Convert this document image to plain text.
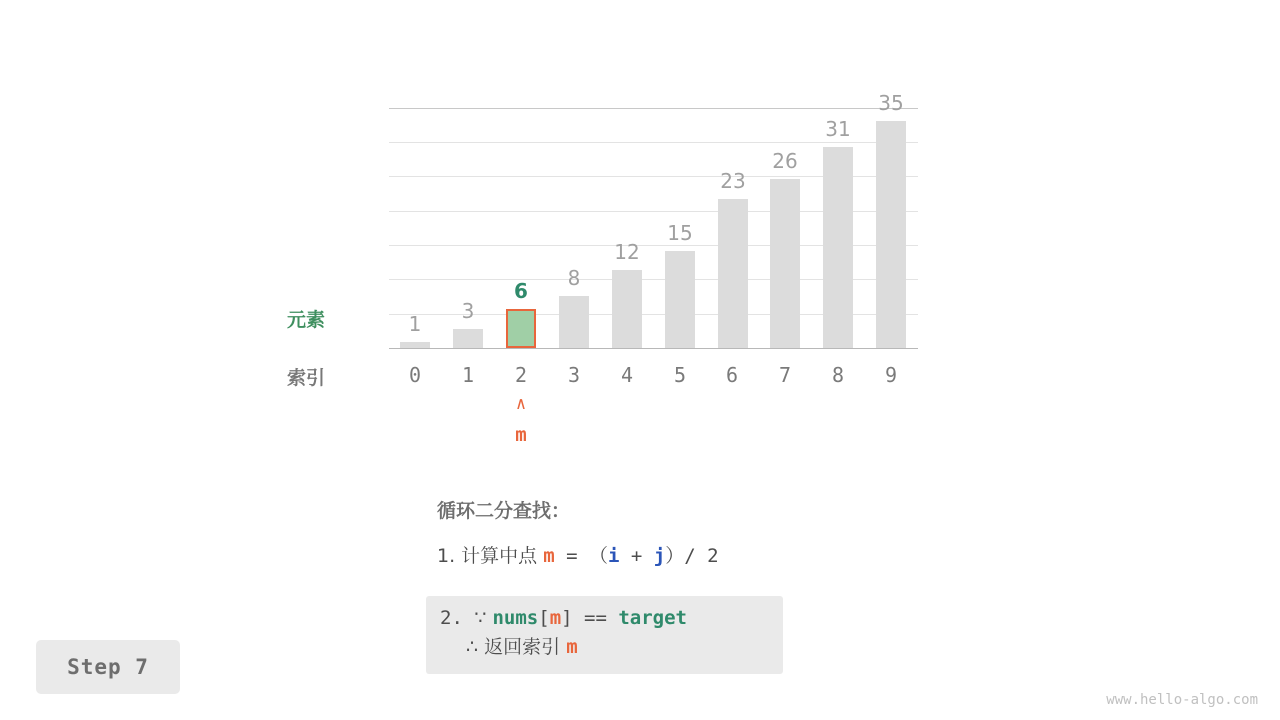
1
3
6
8
12
15
23
26
31
35
元素
索引	0	1	2	3	4	5	6	7	8	9
∧
m
循环二分查找：
1. 计算中点 m = （i + j）/ 2
2. ∵ nums[m] == target
∴ 返回索引 m
Step 7
www.hello-algo.com
